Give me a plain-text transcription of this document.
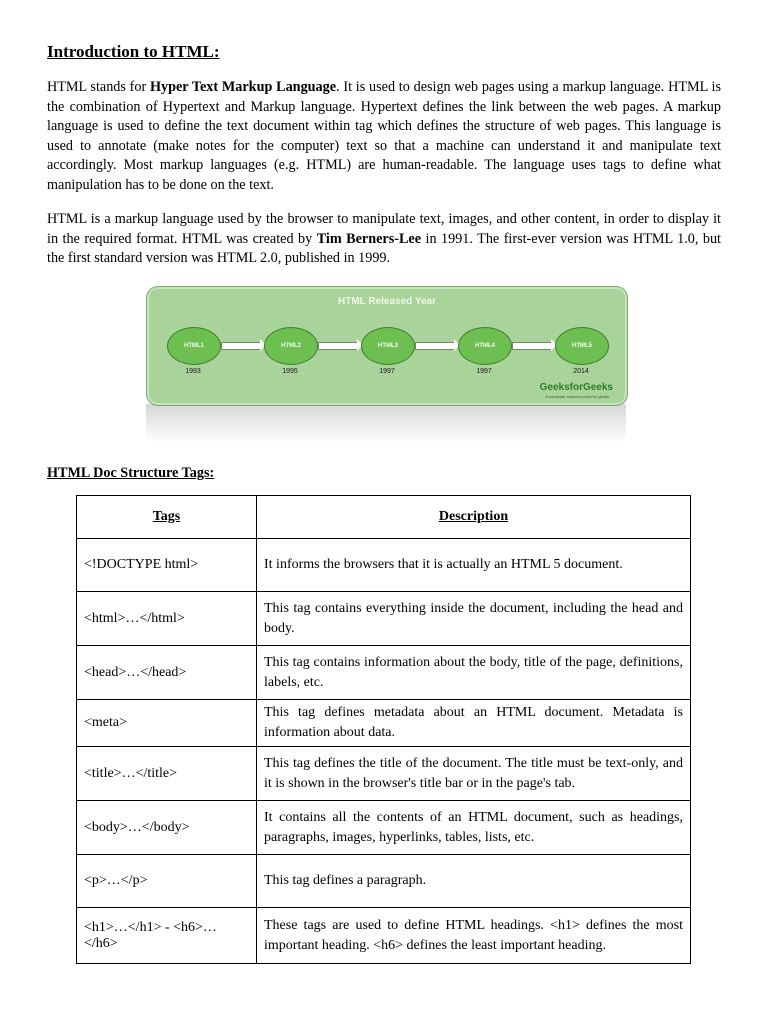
Introduction to HTML:

HTML stands for Hyper Text Markup Language. It is used to design web pages using a markup language. HTML is the combination of Hypertext and Markup language. Hypertext defines the link between the web pages. A markup language is used to define the text document within tag which defines the structure of web pages. This language is used to annotate (make notes for the computer) text so that a machine can understand it and manipulate text accordingly. Most markup languages (e.g. HTML) are human-readable. The language uses tags to define what manipulation has to be done on the text.

HTML is a markup language used by the browser to manipulate text, images, and other content, in order to display it in the required format. HTML was created by Tim Berners-Lee in 1991. The first-ever version was HTML 1.0, but the first standard version was HTML 2.0, published in 1999.

HTML Released Year
HTML1
1993
HTML2
1995
HTML3
1997
HTML4
1997
HTML5
2014
GeeksforGeeks
A computer science portal for geeks
HTML Doc Structure Tags:
Tags	Description
<!DOCTYPE html>	It informs the browsers that it is actually an HTML 5 document.
<html>…</html>	This tag contains everything inside the document, including the head and body.
<head>…</head>	This tag contains information about the body, title of the page, definitions, labels, etc.
<meta>	This tag defines metadata about an HTML document. Metadata is information about data.
<title>…</title>	This tag defines the title of the document. The title must be text-only, and it is shown in the browser's title bar or in the page's tab.
<body>…</body>	It contains all the contents of an HTML document, such as headings, paragraphs, images, hyperlinks, tables, lists, etc.
<p>…</p>	This tag defines a paragraph.
<h1>…</h1> - <h6>…</h6>	These tags are used to define HTML headings. <h1> defines the most important heading. <h6> defines the least important heading.
